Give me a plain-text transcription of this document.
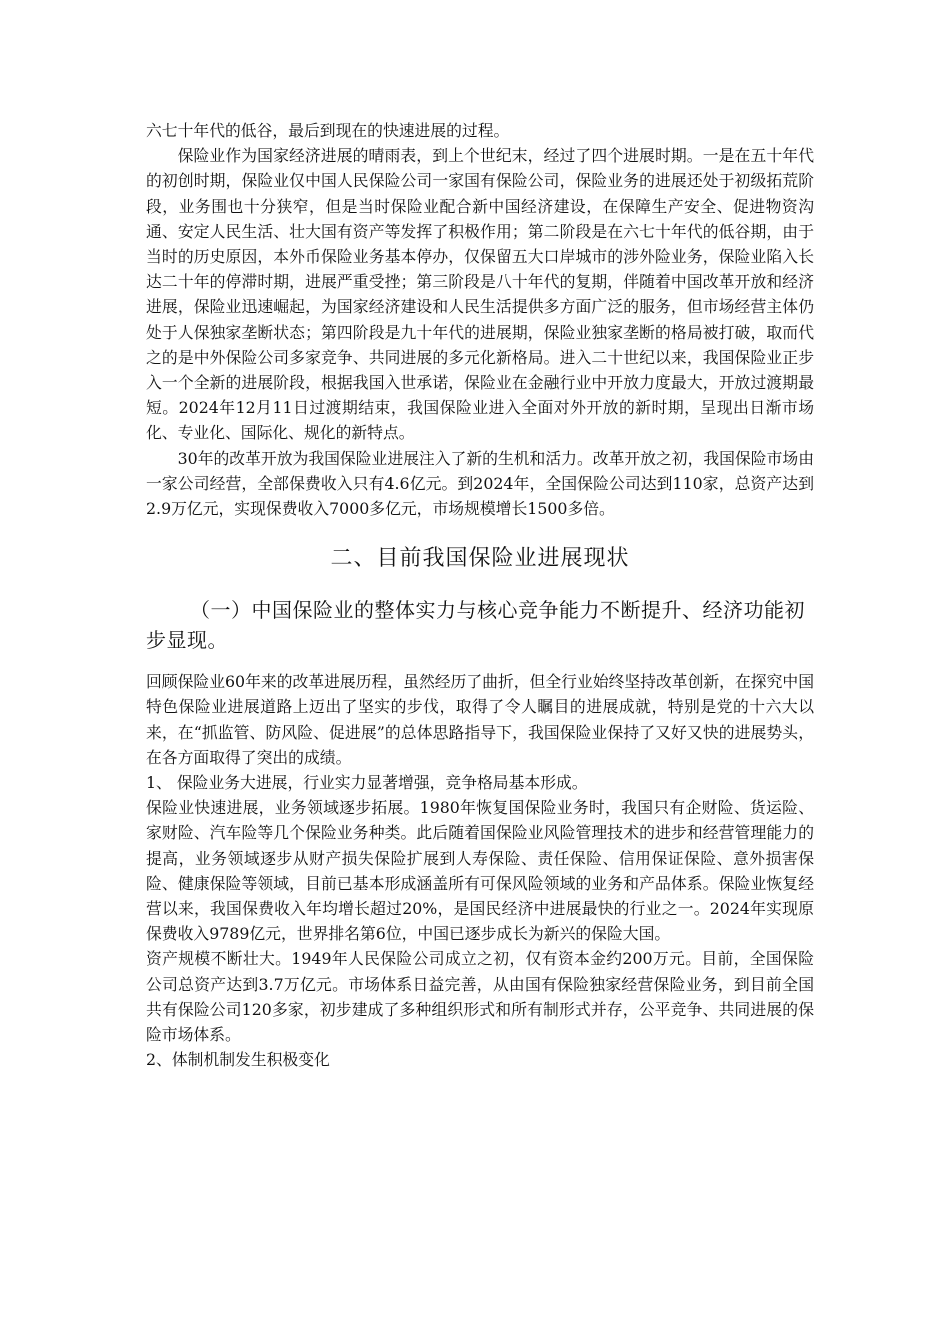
六七十年代的低谷，最后到现在的快速进展的过程。

保险业作为国家经济进展的晴雨表，到上个世纪末，经过了四个进展时期。一是在五十年代的初创时期，保险业仅中国人民保险公司一家国有保险公司，保险业务的进展还处于初级拓荒阶段，业务围也十分狭窄，但是当时保险业配合新中国经济建设，在保障生产安全、促进物资沟通、安定人民生活、壮大国有资产等发挥了积极作用；第二阶段是在六七十年代的低谷期，由于当时的历史原因，本外币保险业务基本停办，仅保留五大口岸城市的涉外险业务，保险业陷入长达二十年的停滞时期，进展严重受挫；第三阶段是八十年代的复期，伴随着中国改革开放和经济进展，保险业迅速崛起，为国家经济建设和人民生活提供多方面广泛的服务，但市场经营主体仍处于人保独家垄断状态；第四阶段是九十年代的进展期，保险业独家垄断的格局被打破，取而代之的是中外保险公司多家竞争、共同进展的多元化新格局。进入二十世纪以来，我国保险业正步入一个全新的进展阶段，根据我国入世承诺，保险业在金融行业中开放力度最大，开放过渡期最短。2024年12月11日过渡期结束，我国保险业进入全面对外开放的新时期，呈现出日渐市场化、专业化、国际化、规化的新特点。

30年的改革开放为我国保险业进展注入了新的生机和活力。改革开放之初，我国保险市场由一家公司经营，全部保费收入只有4.6亿元。到2024年，全国保险公司达到110家，总资产达到2.9万亿元，实现保费收入7000多亿元，市场规模增长1500多倍。

二、目前我国保险业进展现状
（一）中国保险业的整体实力与核心竞争能力不断提升、经济功能初步显现。

回顾保险业60年来的改革进展历程，虽然经历了曲折，但全行业始终坚持改革创新，在探究中国特色保险业进展道路上迈出了坚实的步伐，取得了令人瞩目的进展成就，特别是党的十六大以来，在“抓监管、防风险、促进展”的总体思路指导下，我国保险业保持了又好又快的进展势头，在各方面取得了突出的成绩。

1、 保险业务大进展，行业实力显著增强，竞争格局基本形成。

保险业快速进展，业务领域逐步拓展。1980年恢复国保险业务时，我国只有企财险、货运险、家财险、汽车险等几个保险业务种类。此后随着国保险业风险管理技术的进步和经营管理能力的提高，业务领域逐步从财产损失保险扩展到人寿保险、责任保险、信用保证保险、意外损害保险、健康保险等领域，目前已基本形成涵盖所有可保风险领域的业务和产品体系。保险业恢复经营以来，我国保费收入年均增长超过20%，是国民经济中进展最快的行业之一。2024年实现原保费收入9789亿元，世界排名第6位，中国已逐步成长为新兴的保险大国。

资产规模不断壮大。1949年人民保险公司成立之初，仅有资本金约200万元。目前，全国保险公司总资产达到3.7万亿元。市场体系日益完善，从由国有保险独家经营保险业务，到目前全国共有保险公司120多家，初步建成了多种组织形式和所有制形式并存，公平竞争、共同进展的保险市场体系。

2、体制机制发生积极变化
